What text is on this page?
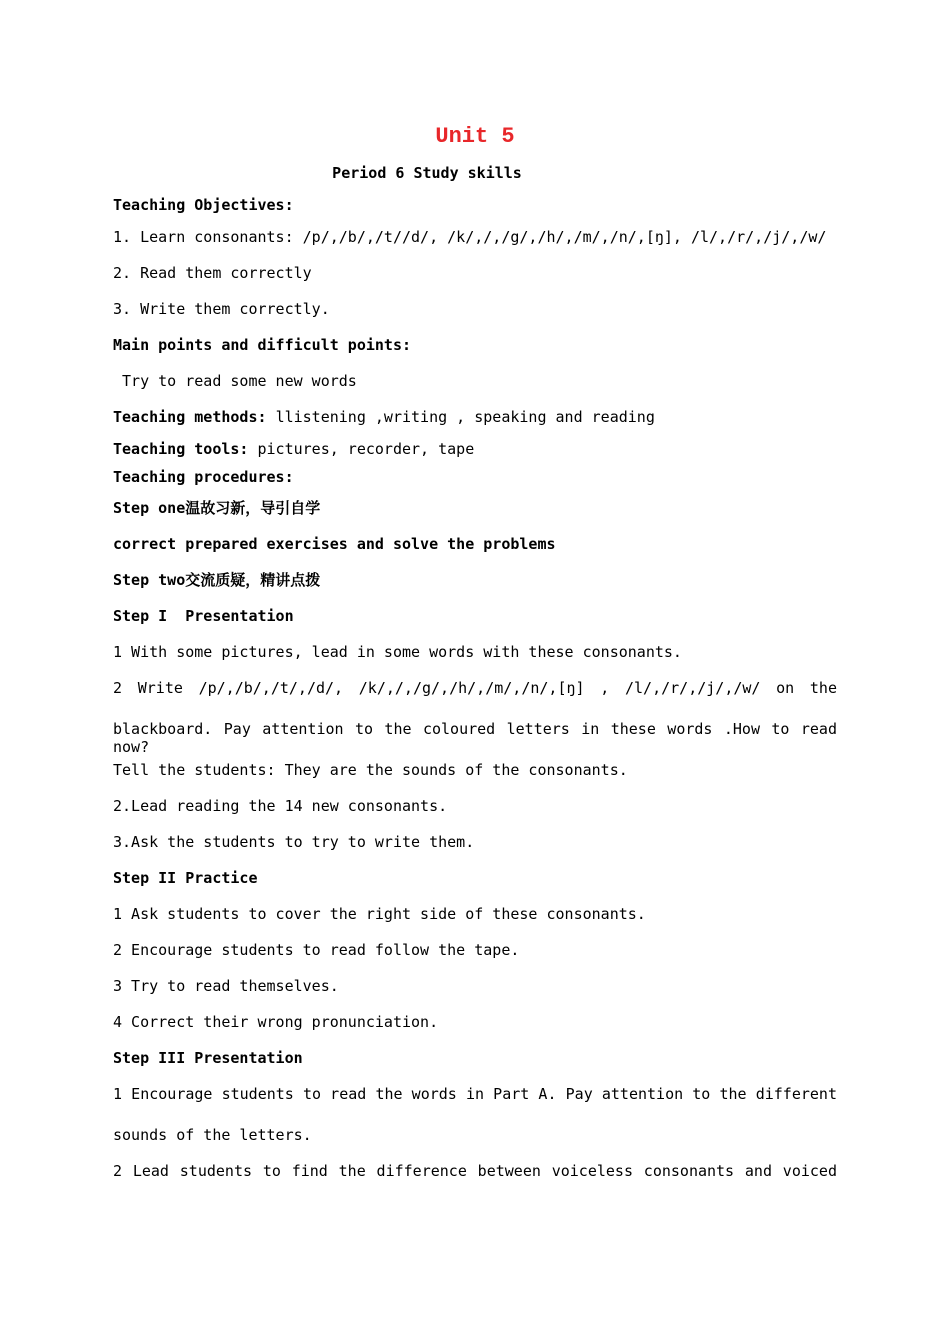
Unit 5
Period 6 Study skills
Teaching Objectives:
1. Learn consonants: /p/,/b/,/t//d/, /k/,/,/g/,/h/,/m/,/n/,[ŋ], /l/,/r/,/j/,/w/
2. Read them correctly
3. Write them correctly.
Main points and difficult points:
Try to read some new words
Teaching methods: llistening ,writing , speaking and reading
Teaching tools: pictures, recorder, tape
Teaching procedures:
Step one温故习新，导引自学
correct prepared exercises and solve the problems
Step two交流质疑，精讲点拨
Step I  Presentation
1 With some pictures, lead in some words with these consonants.
2 Write /p/,/b/,/t/,/d/, /k/,/,/g/,/h/,/m/,/n/,[ŋ] , /l/,/r/,/j/,/w/ on the
blackboard. Pay attention to the coloured letters in these words .How to read now?
Tell the students: They are the sounds of the consonants.
2.Lead reading the 14 new consonants.
3.Ask the students to try to write them.
Step II Practice
1 Ask students to cover the right side of these consonants.
2 Encourage students to read follow the tape.
3 Try to read themselves.
4 Correct their wrong pronunciation.
Step III Presentation
1 Encourage students to read the words in Part A. Pay attention to the different
sounds of the letters.
2 Lead students to find the difference between voiceless consonants and voiced
